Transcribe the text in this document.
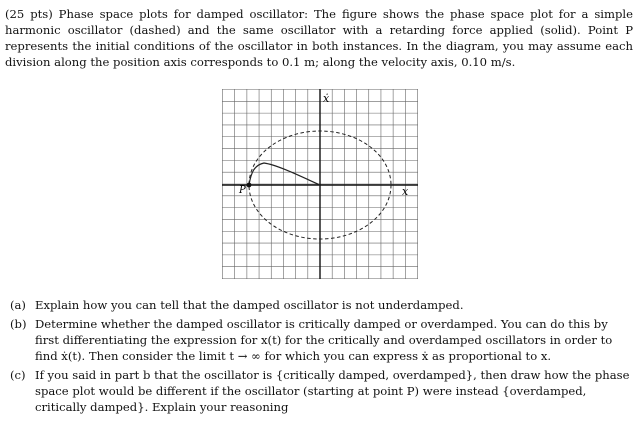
(25 pts) Phase space plots for damped oscillator: The figure shows the phase space plot for a simple harmonic oscillator (dashed) and the same oscillator with a retarding force applied (solid). Point P represents the initial conditions of the oscillator in both instances. In the diagram, you may assume each division along the position axis corresponds to 0.1 m; along the velocity axis, 0.10 m/s.

P
ẋ
x
(a) Explain how you can tell that the damped oscillator is not underdamped.
(b) Determine whether the damped oscillator is critically damped or overdamped. You can do this by first differentiating the expression for x(t) for the critically and overdamped oscillators in order to find ẋ(t). Then consider the limit t → ∞ for which you can express ẋ as proportional to x.
(c) If you said in part b that the oscillator is {critically damped, overdamped}, then draw how the phase space plot would be different if the oscillator (starting at point P) were instead {overdamped, critically damped}. Explain your reasoning
